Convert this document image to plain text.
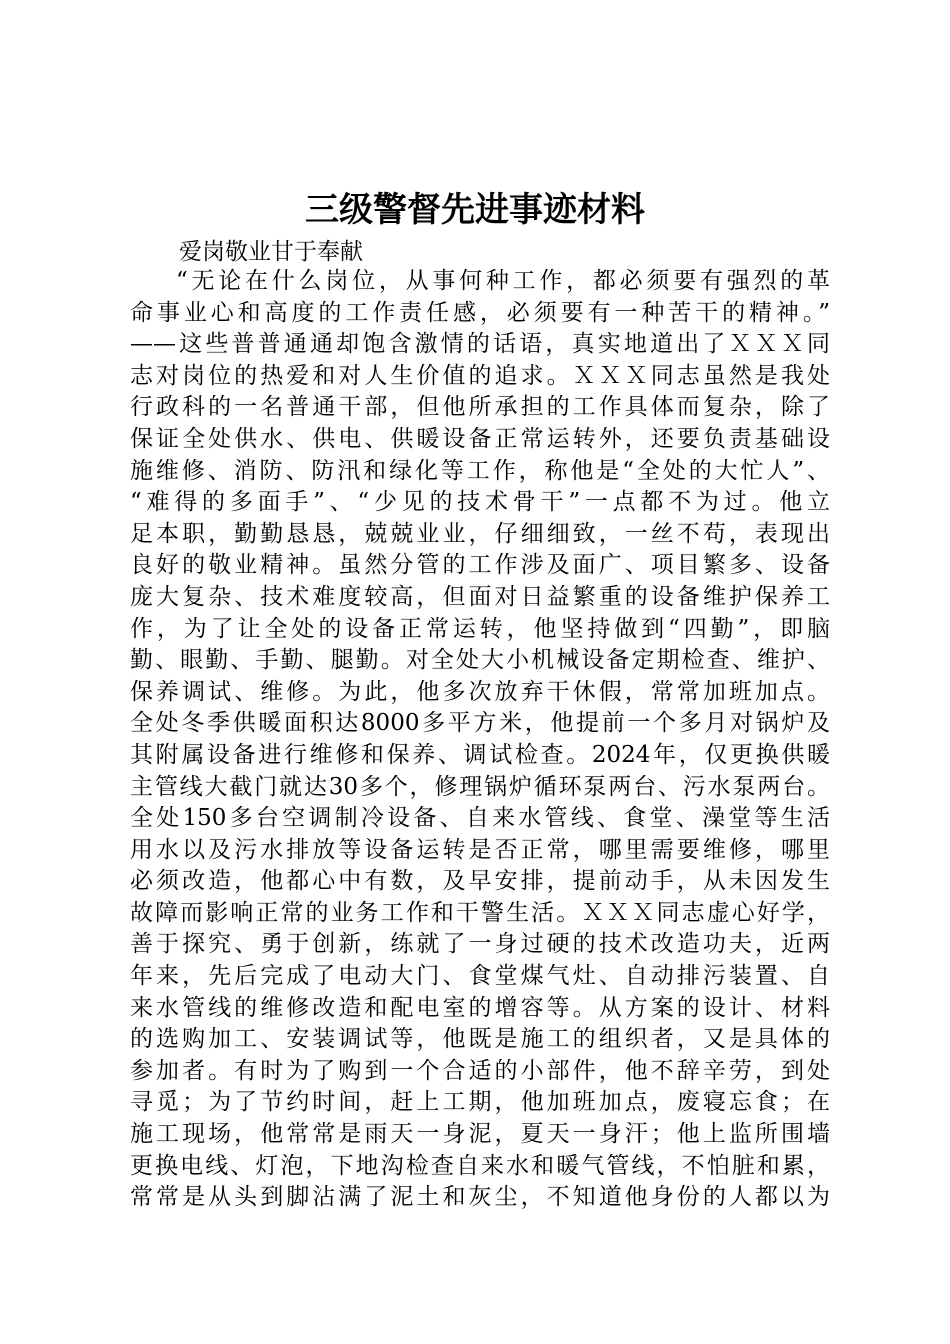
三级警督先进事迹材料

爱岗敬业甘于奉献

“无论在什么岗位，从事何种工作，都必须要有强烈的革
命事业心和高度的工作责任感，必须要有一种苦干的精神。”
——这些普普通通却饱含激情的话语，真实地道出了ＸＸＸ同
志对岗位的热爱和对人生价值的追求。ＸＸＸ同志虽然是我处
行政科的一名普通干部，但他所承担的工作具体而复杂，除了
保证全处供水、供电、供暖设备正常运转外，还要负责基础设
施维修、消防、防汛和绿化等工作，称他是“全处的大忙人”、
“难得的多面手”、“少见的技术骨干”一点都不为过。他立
足本职，勤勤恳恳，兢兢业业，仔细细致，一丝不苟，表现出
良好的敬业精神。虽然分管的工作涉及面广、项目繁多、设备
庞大复杂、技术难度较高，但面对日益繁重的设备维护保养工
作，为了让全处的设备正常运转，他坚持做到“四勤”，即脑
勤、眼勤、手勤、腿勤。对全处大小机械设备定期检查、维护、
保养调试、维修。为此，他多次放弃干休假，常常加班加点。
全处冬季供暖面积达8000多平方米，他提前一个多月对锅炉及
其附属设备进行维修和保养、调试检查。2024年，仅更换供暖
主管线大截门就达30多个，修理锅炉循环泵两台、污水泵两台。
全处150多台空调制冷设备、自来水管线、食堂、澡堂等生活
用水以及污水排放等设备运转是否正常，哪里需要维修，哪里
必须改造，他都心中有数，及早安排，提前动手，从未因发生
故障而影响正常的业务工作和干警生活。ＸＸＸ同志虚心好学，
善于探究、勇于创新，练就了一身过硬的技术改造功夫，近两
年来，先后完成了电动大门、食堂煤气灶、自动排污装置、自
来水管线的维修改造和配电室的增容等。从方案的设计、材料
的选购加工、安装调试等，他既是施工的组织者，又是具体的
参加者。有时为了购到一个合适的小部件，他不辞辛劳，到处
寻觅；为了节约时间，赶上工期，他加班加点，废寝忘食；在
施工现场，他常常是雨天一身泥，夏天一身汗；他上监所围墙
更换电线、灯泡，下地沟检查自来水和暖气管线，不怕脏和累，
常常是从头到脚沾满了泥土和灰尘，不知道他身份的人都以为
